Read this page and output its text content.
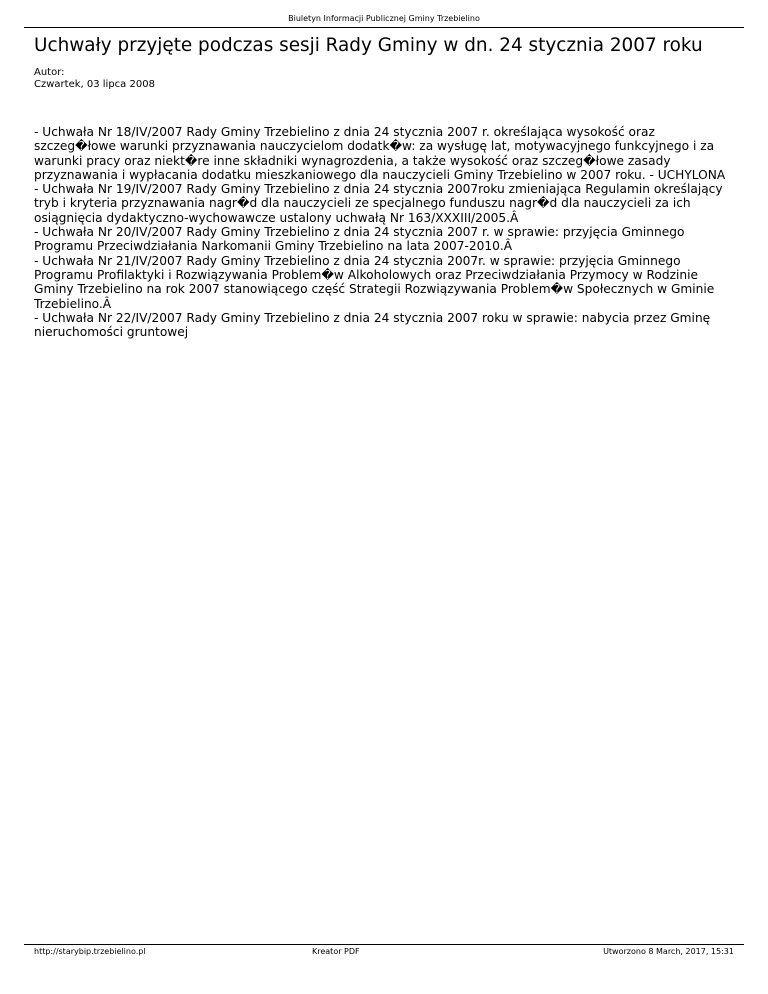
Biuletyn Informacji Publicznej Gminy Trzebielino
Uchwały przyjęte podczas sesji Rady Gminy w dn. 24 stycznia 2007 roku
Autor:
Czwartek, 03 lipca 2008

- Uchwała Nr 18/IV/2007 Rady Gminy Trzebielino z dnia 24 stycznia 2007 r. określająca wysokość oraz szczeg�łowe warunki przyznawania nauczycielom dodatk�w: za wysługę lat, motywacyjnego funkcyjnego i za warunki pracy oraz niekt�re inne składniki wynagrozdenia, a także wysokość oraz szczeg�łowe zasady przyznawania i wypłacania dodatku mieszkaniowego dla nauczycieli Gminy Trzebielino w 2007 roku. - UCHYLONA

- Uchwała Nr 19/IV/2007 Rady Gminy Trzebielino z dnia 24 stycznia 2007roku zmieniająca Regulamin określający tryb i kryteria przyznawania nagr�d dla nauczycieli ze specjalnego funduszu nagr�d dla nauczycieli za ich osiągnięcia dydaktyczno-wychowawcze ustalony uchwałą Nr 163/XXXIII/2005.Â

- Uchwała Nr 20/IV/2007 Rady Gminy Trzebielino z dnia 24 stycznia 2007 r. w sprawie: przyjęcia Gminnego Programu Przeciwdziałania Narkomanii Gminy Trzebielino na lata 2007-2010.Â

- Uchwała Nr 21/IV/2007 Rady Gminy Trzebielino z dnia 24 stycznia 2007r. w sprawie: przyjęcia Gminnego Programu Profilaktyki i Rozwiązywania Problem�w Alkoholowych oraz Przeciwdziałania Przymocy w Rodzinie Gminy Trzebielino na rok 2007 stanowiącego część Strategii Rozwiązywania Problem�w Społecznych w Gminie Trzebielino.Â

- Uchwała Nr 22/IV/2007 Rady Gminy Trzebielino z dnia 24 stycznia 2007 roku w sprawie: nabycia przez Gminę nieruchomości gruntowej

http://starybip.trzebielino.pl	Kreator PDF	Utworzono 8 March, 2017, 15:31
